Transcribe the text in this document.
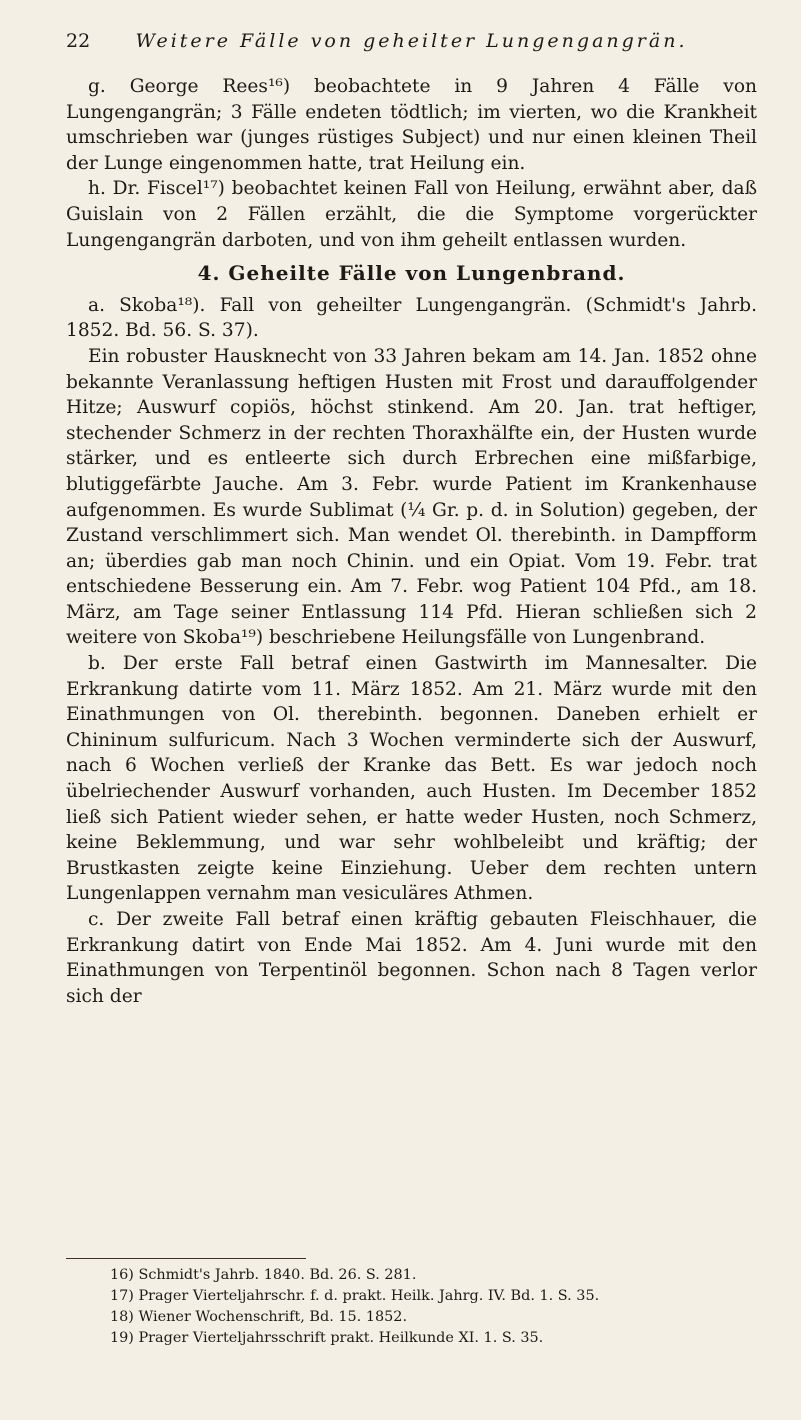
22	Weitere Fälle von geheilter Lungengangrän.

g. George Rees¹⁶) beobachtete in 9 Jahren 4 Fälle von Lungengangrän; 3 Fälle endeten tödtlich; im vierten, wo die Krankheit umschrieben war (junges rüstiges Subject) und nur einen kleinen Theil der Lunge eingenommen hatte, trat Heilung ein.

h. Dr. Fiscel¹⁷) beobachtet keinen Fall von Heilung, erwähnt aber, daß Guislain von 2 Fällen erzählt, die die Symptome vorgerückter Lungengangrän darboten, und von ihm geheilt entlassen wurden.

4. Geheilte Fälle von Lungenbrand.

a. Skoba¹⁸). Fall von geheilter Lungengangrän. (Schmidt's Jahrb. 1852. Bd. 56. S. 37).

Ein robuster Hausknecht von 33 Jahren bekam am 14. Jan. 1852 ohne bekannte Veranlassung heftigen Husten mit Frost und darauffolgender Hitze; Auswurf copiös, höchst stinkend. Am 20. Jan. trat heftiger, stechender Schmerz in der rechten Thoraxhälfte ein, der Husten wurde stärker, und es entleerte sich durch Erbrechen eine mißfarbige, blutiggefärbte Jauche. Am 3. Febr. wurde Patient im Krankenhause aufgenommen. Es wurde Sublimat (¼ Gr. p. d. in Solution) gegeben, der Zustand verschlimmert sich. Man wendet Ol. therebinth. in Dampfform an; überdies gab man noch Chinin. und ein Opiat. Vom 19. Febr. trat entschiedene Besserung ein. Am 7. Febr. wog Patient 104 Pfd., am 18. März, am Tage seiner Entlassung 114 Pfd. Hieran schließen sich 2 weitere von Skoba¹⁹) beschriebene Heilungsfälle von Lungenbrand.

b. Der erste Fall betraf einen Gastwirth im Mannesalter. Die Erkrankung datirte vom 11. März 1852. Am 21. März wurde mit den Einathmungen von Ol. therebinth. begonnen. Daneben erhielt er Chininum sulfuricum. Nach 3 Wochen verminderte sich der Auswurf, nach 6 Wochen verließ der Kranke das Bett. Es war jedoch noch übelriechender Auswurf vorhanden, auch Husten. Im December 1852 ließ sich Patient wieder sehen, er hatte weder Husten, noch Schmerz, keine Beklemmung, und war sehr wohlbeleibt und kräftig; der Brustkasten zeigte keine Einziehung. Ueber dem rechten untern Lungenlappen vernahm man vesiculäres Athmen.

c. Der zweite Fall betraf einen kräftig gebauten Fleischhauer, die Erkrankung datirt von Ende Mai 1852. Am 4. Juni wurde mit den Einathmungen von Terpentinöl begonnen. Schon nach 8 Tagen verlor sich der

16) Schmidt's Jahrb. 1840. Bd. 26. S. 281.
17) Prager Vierteljahrschr. f. d. prakt. Heilk. Jahrg. IV. Bd. 1. S. 35.
18) Wiener Wochenschrift, Bd. 15. 1852.
19) Prager Vierteljahrsschrift prakt. Heilkunde XI. 1. S. 35.
